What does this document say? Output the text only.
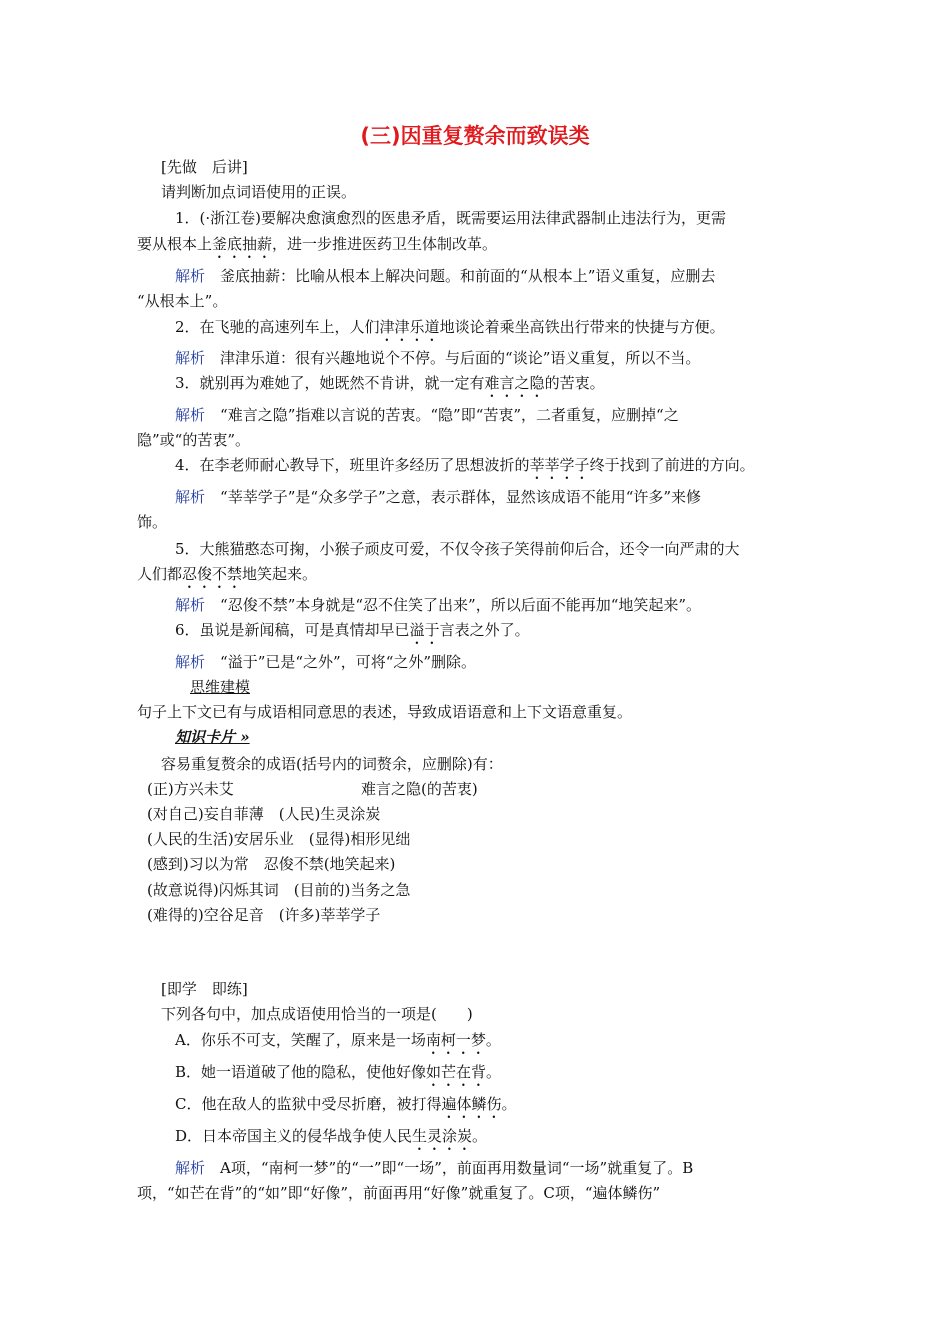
(三)因重复赘余而致误类
[先做　后讲]
请判断加点词语使用的正误。
1．(·浙江卷)要解决愈演愈烈的医患矛盾，既需要运用法律武器制止违法行为，更需
要从根本上釜底抽薪，进一步推进医药卫生体制改革。
解析　 釜底抽薪：比喻从根本上解决问题。和前面的“从根本上”语义重复，应删去
“从根本上”。
2．在飞驰的高速列车上，人们津津乐道地谈论着乘坐高铁出行带来的快捷与方便。
解析　 津津乐道：很有兴趣地说个不停。与后面的“谈论”语义重复，所以不当。
3．就别再为难她了，她既然不肯讲，就一定有难言之隐的苦衷。
解析　 “难言之隐”指难以言说的苦衷。“隐”即“苦衷”，二者重复，应删掉“之
隐”或“的苦衷”。
4．在李老师耐心教导下，班里许多经历了思想波折的莘莘学子终于找到了前进的方向。
解析　 “莘莘学子”是“众多学子”之意，表示群体，显然该成语不能用“许多”来修
饰。
5．大熊猫憨态可掬，小猴子顽皮可爱，不仅令孩子笑得前仰后合，还令一向严肃的大
人们都忍俊不禁地笑起来。
解析　 “忍俊不禁”本身就是“忍不住笑了出来”，所以后面不能再加“地笑起来”。
6．虽说是新闻稿，可是真情却早已溢于言表之外了。
解析　 “溢于”已是“之外”，可将“之外”删除。
思维建模
句子上下文已有与成语相同意思的表述，导致成语语意和上下文语意重复。
知识卡片 »
容易重复赘余的成语(括号内的词赘余，应删除)有：
(正)方兴未艾	难言之隐(的苦衷)
(对自己)妄自菲薄　(人民)生灵涂炭
(人民的生活)安居乐业　(显得)相形见绌
(感到)习以为常　忍俊不禁(地笑起来)
(故意说得)闪烁其词　(目前的)当务之急
(难得的)空谷足音　(许多)莘莘学子
[即学　即练]
下列各句中，加点成语使用恰当的一项是(　　)
A．你乐不可支，笑醒了，原来是一场南柯一梦。
B．她一语道破了他的隐私，使他好像如芒在背。
C．他在敌人的监狱中受尽折磨，被打得遍体鳞伤。
D．日本帝国主义的侵华战争使人民生灵涂炭。
解析　 A项，“南柯一梦”的“一”即“一场”，前面再用数量词“一场”就重复了。B
项，“如芒在背”的“如”即“好像”，前面再用“好像”就重复了。C项，“遍体鳞伤”
